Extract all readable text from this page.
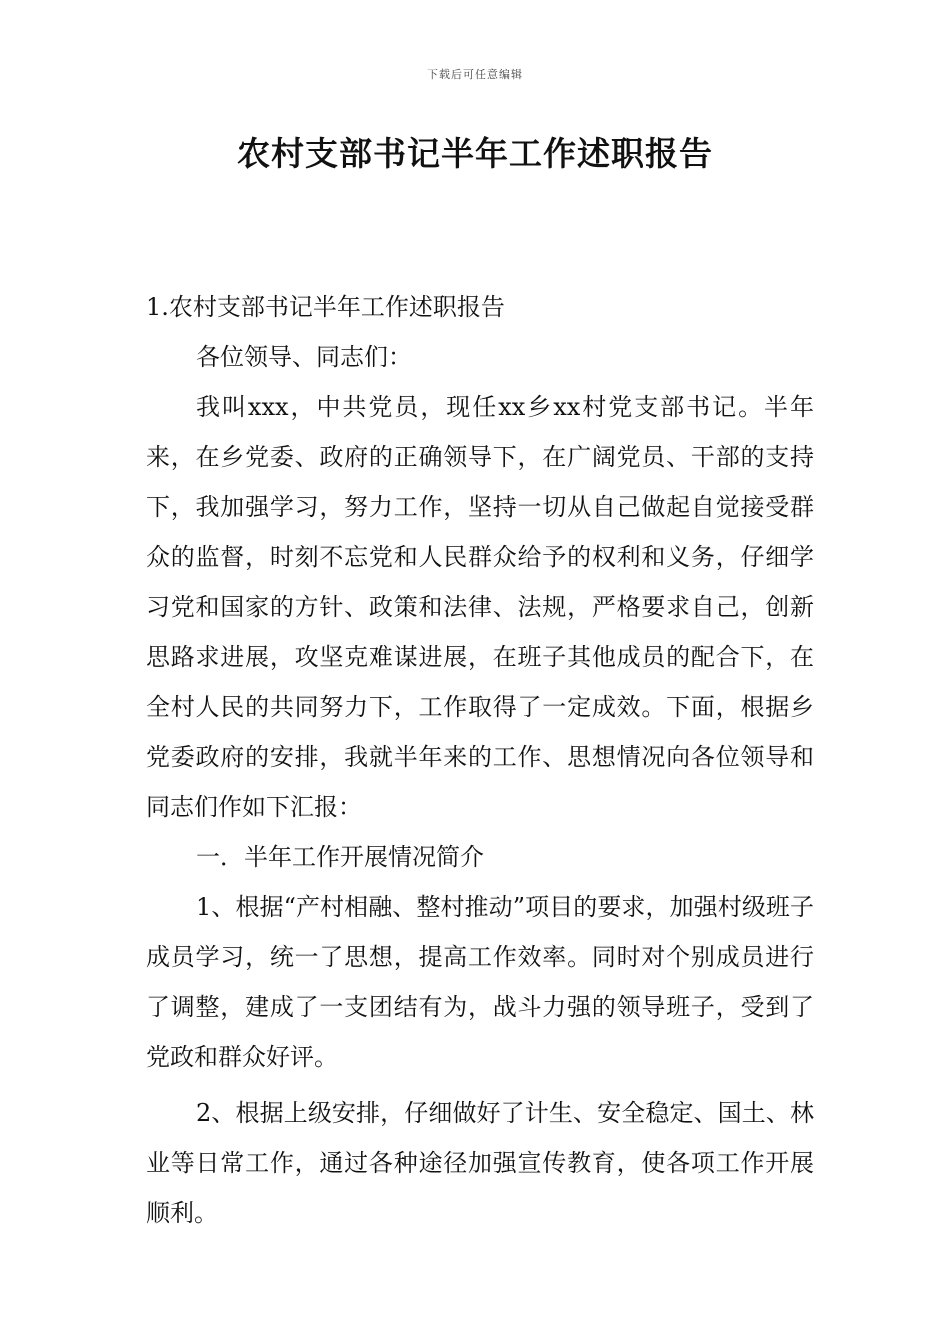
下载后可任意编辑
农村支部书记半年工作述职报告

1.农村支部书记半年工作述职报告

各位领导、同志们：

我叫xxx，中共党员，现任xx乡xx村党支部书记。半年来，在乡党委、政府的正确领导下，在广阔党员、干部的支持下，我加强学习，努力工作，坚持一切从自己做起自觉接受群众的监督，时刻不忘党和人民群众给予的权利和义务，仔细学习党和国家的方针、政策和法律、法规，严格要求自己，创新思路求进展，攻坚克难谋进展，在班子其他成员的配合下，在全村人民的共同努力下，工作取得了一定成效。下面，根据乡党委政府的安排，我就半年来的工作、思想情况向各位领导和同志们作如下汇报：

一．半年工作开展情况简介

1、根据“产村相融、整村推动”项目的要求，加强村级班子成员学习，统一了思想，提高工作效率。同时对个别成员进行了调整，建成了一支团结有为，战斗力强的领导班子，受到了党政和群众好评。

2、根据上级安排，仔细做好了计生、安全稳定、国土、林业等日常工作，通过各种途径加强宣传教育，使各项工作开展顺利。
